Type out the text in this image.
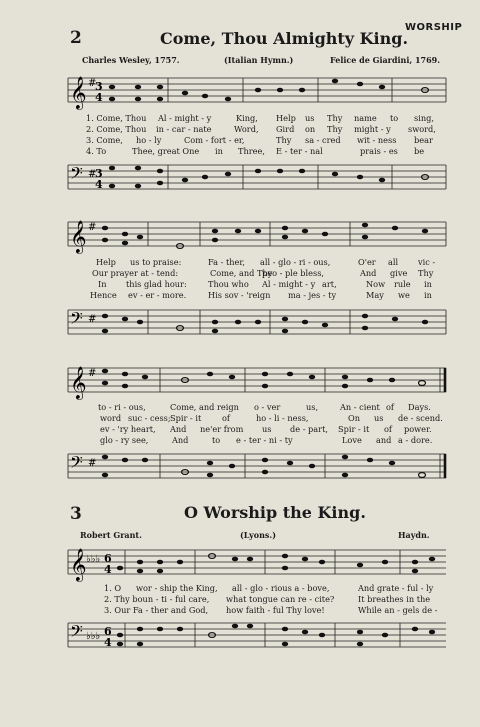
WORSHIP
2	Come, Thou Almighty King.
Charles Wesley, 1757.	(Italian Hymn.)	Felice de Giardini, 1769.
𝄞 #
3
4
1. Come, Thou Al - might - y	King, Help us Thy name to sing,
2. Come, Thou in - car - nate	Word, Gird on Thy might - y sword,
3. Come, ho - ly	Com - fort - er,	Thy sa - cred wit - ness bear
4. To	Thee, great One in Three, E - ter - nal	prais - es be
𝄢 #
3
4
𝄞 #
Help us to praise:	Fa - ther, all - glo - ri - ous,	O'er all vic -
Our prayer at - tend:	Come, and Thy
peo - ple bless,	And give Thy
In this glad hour:	Thou who Al - might - y art,	Now rule in
Hence ev - er - more.	His sov - 'reign ma - jes - ty	May we in
𝄢 #
𝄞 #
to - ri - ous,	Come, and reign o - ver	us,	An - cient of Days.
word suc - cess; Spir - it	of	ho - li - ness,	On us de - scend.
ev - 'ry heart, And ne'er from us de - part, Spir - it of power.
glo - ry see,	And	to e - ter - ni - ty	Love and a - dore.
𝄢 #
3	O Worship the King.
Robert Grant.	(Lyons.)	Haydn.
𝄞 ♭♭♭ 6
4
1. O wor - ship the King, all - glo - rious a - bove,	And grate - ful - ly
2. Thy boun - ti - ful care, what tongue can re - cite?	It breathes in the
3. Our Fa - ther and God, how faith - ful Thy love!	While an - gels de -
𝄢 ♭♭♭ 6
4
